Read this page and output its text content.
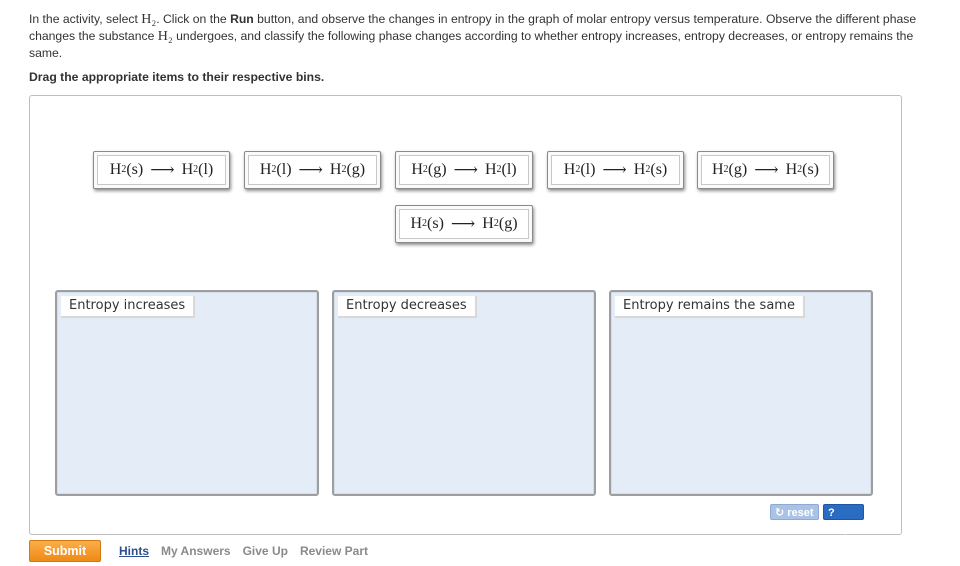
In the activity, select H₂. Click on the Run button, and observe the changes in entropy in the graph of molar entropy versus temperature. Observe the different phase changes the substance H₂ undergoes, and classify the following phase changes according to whether entropy increases, entropy decreases, or entropy remains the same.
Drag the appropriate items to their respective bins.
H 2 (s) ⟶ H 2 (l)	H 2 (l) ⟶ H 2 (g)	H 2 (g) ⟶ H 2 (l)	H 2 (l) ⟶ H 2 (s)	H 2 (g) ⟶ H 2 (s)
H 2 (s) ⟶ H 2 (g)
Entropy increases	Entropy decreases	Entropy remains the same
↻ reset	? help
Submit	Hints My Answers Give Up Review Part
